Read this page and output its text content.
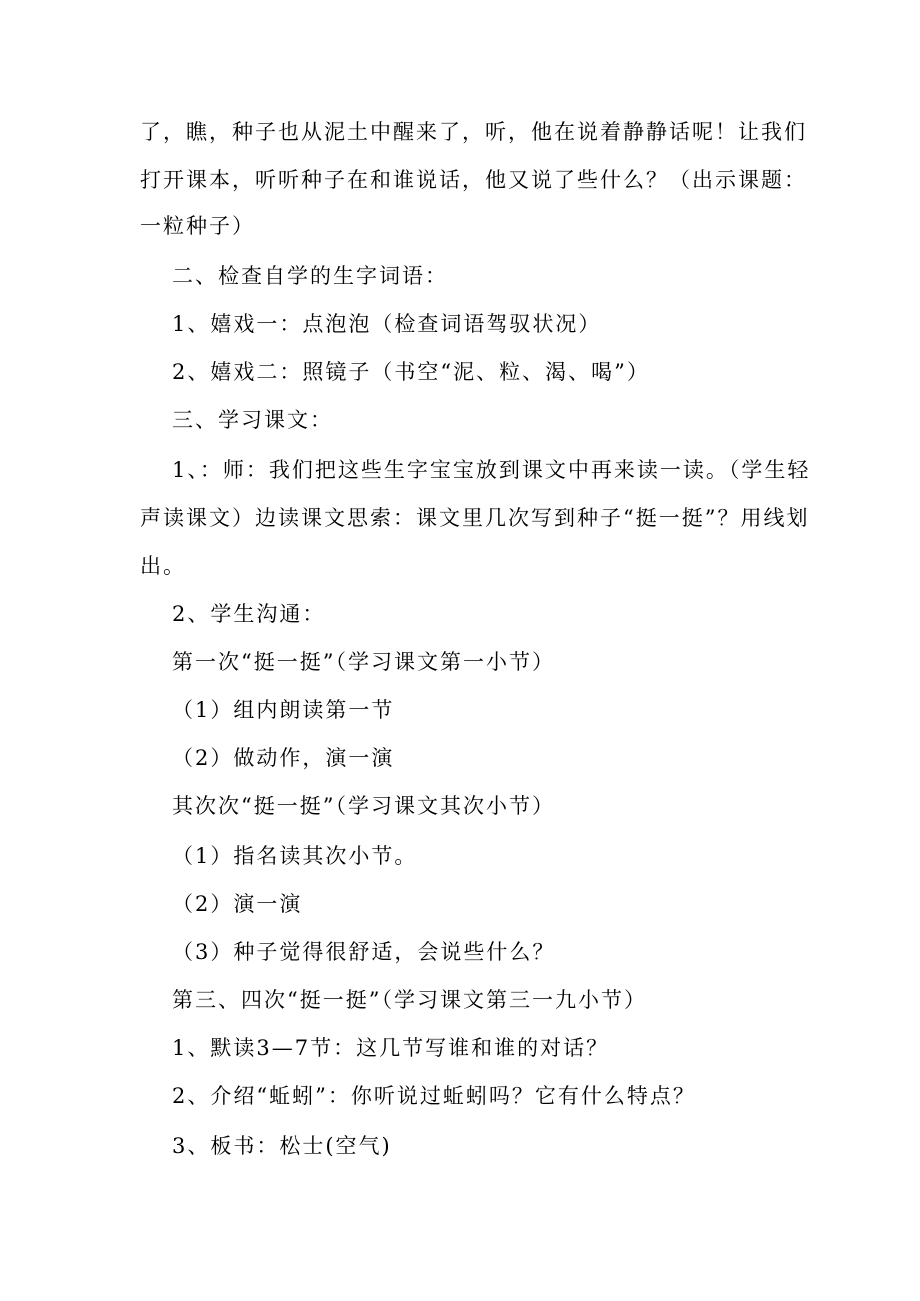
了，瞧，种子也从泥土中醒来了，听，他在说着静静话呢！让我们
打开课本，听听种子在和谁说话，他又说了些什么？（出示课题：
一粒种子）
二、检查自学的生字词语：
1、嬉戏一：点泡泡（检查词语驾驭状况）
2、嬉戏二：照镜子（书空“泥、粒、渴、喝”）
三、学习课文：
1、：师：我们把这些生字宝宝放到课文中再来读一读。（学生轻
声读课文）边读课文思索：课文里几次写到种子“挺一挺”？用线划
出。
2、学生沟通：
第一次“挺一挺”（学习课文第一小节）
（1）组内朗读第一节
（2）做动作，演一演
其次次“挺一挺”（学习课文其次小节）
（1）指名读其次小节。
（2）演一演
（3）种子觉得很舒适，会说些什么？
第三、四次“挺一挺”（学习课文第三一九小节）
1、默读3—7节：这几节写谁和谁的对话？
2、介绍“蚯蚓”：你听说过蚯蚓吗？它有什么特点？
3、板书：松士(空气)
